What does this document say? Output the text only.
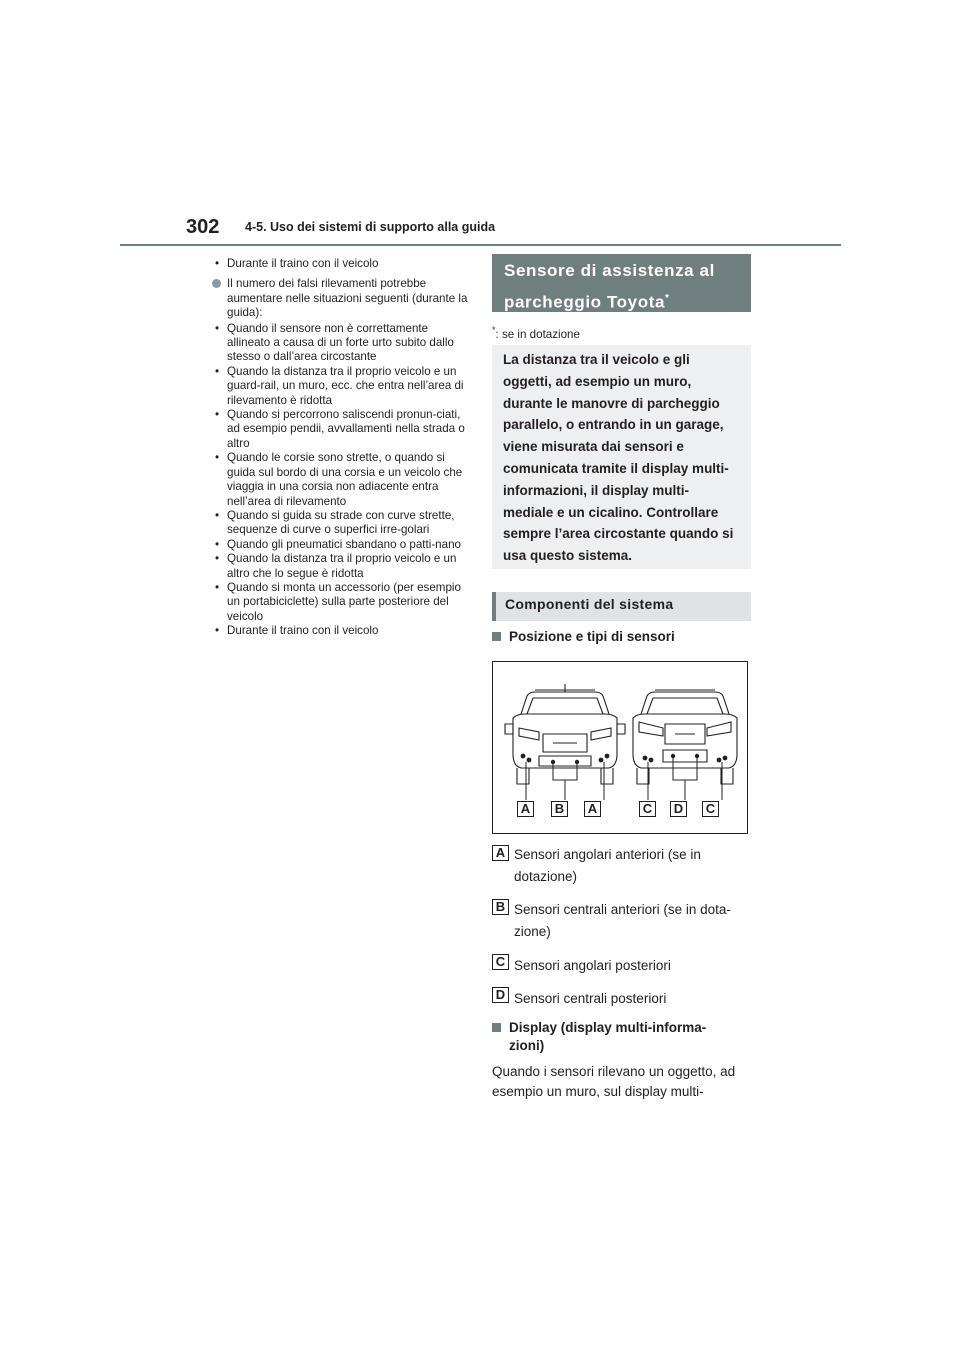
302 4-5. Uso dei sistemi di supporto alla guida
• Durante il traino con il veicolo
Il numero dei falsi rilevamenti potrebbe aumentare nelle situazioni seguenti (durante la guida):
• Quando il sensore non è correttamente allineato a causa di un forte urto subito dallo stesso o dall’area circostante
• Quando la distanza tra il proprio veicolo e un guard-rail, un muro, ecc. che entra nell’area di rilevamento è ridotta
• Quando si percorrono saliscendi pronun-ciati, ad esempio pendii, avvallamenti nella strada o altro
• Quando le corsie sono strette, o quando si guida sul bordo di una corsia e un veicolo che viaggia in una corsia non adiacente entra nell’area di rilevamento
• Quando si guida su strade con curve strette, sequenze di curve o superfici irre-golari
• Quando gli pneumatici sbandano o patti-nano
• Quando la distanza tra il proprio veicolo e un altro che lo segue è ridotta
• Quando si monta un accessorio (per esempio un portabiciclette) sulla parte posteriore del veicolo
• Durante il traino con il veicolo
Sensore di assistenza al
parcheggio Toyota*
*: se in dotazione
La distanza tra il veicolo e gli oggetti, ad esempio un muro, durante le manovre di parcheggio parallelo, o entrando in un garage, viene misurata dai sensori e comunicata tramite il display multi-informazioni, il display multi-mediale e un cicalino. Controllare sempre l’area circostante quando si usa questo sistema.
Componenti del sistema
Posizione e tipi di sensori
A B A	C D C
A Sensori angolari anteriori (se in dotazione)
B Sensori centrali anteriori (se in dota-zione)
C Sensori angolari posteriori
D Sensori centrali posteriori
Display (display multi-informa-zioni)
Quando i sensori rilevano un oggetto, ad esempio un muro, sul display multi-
